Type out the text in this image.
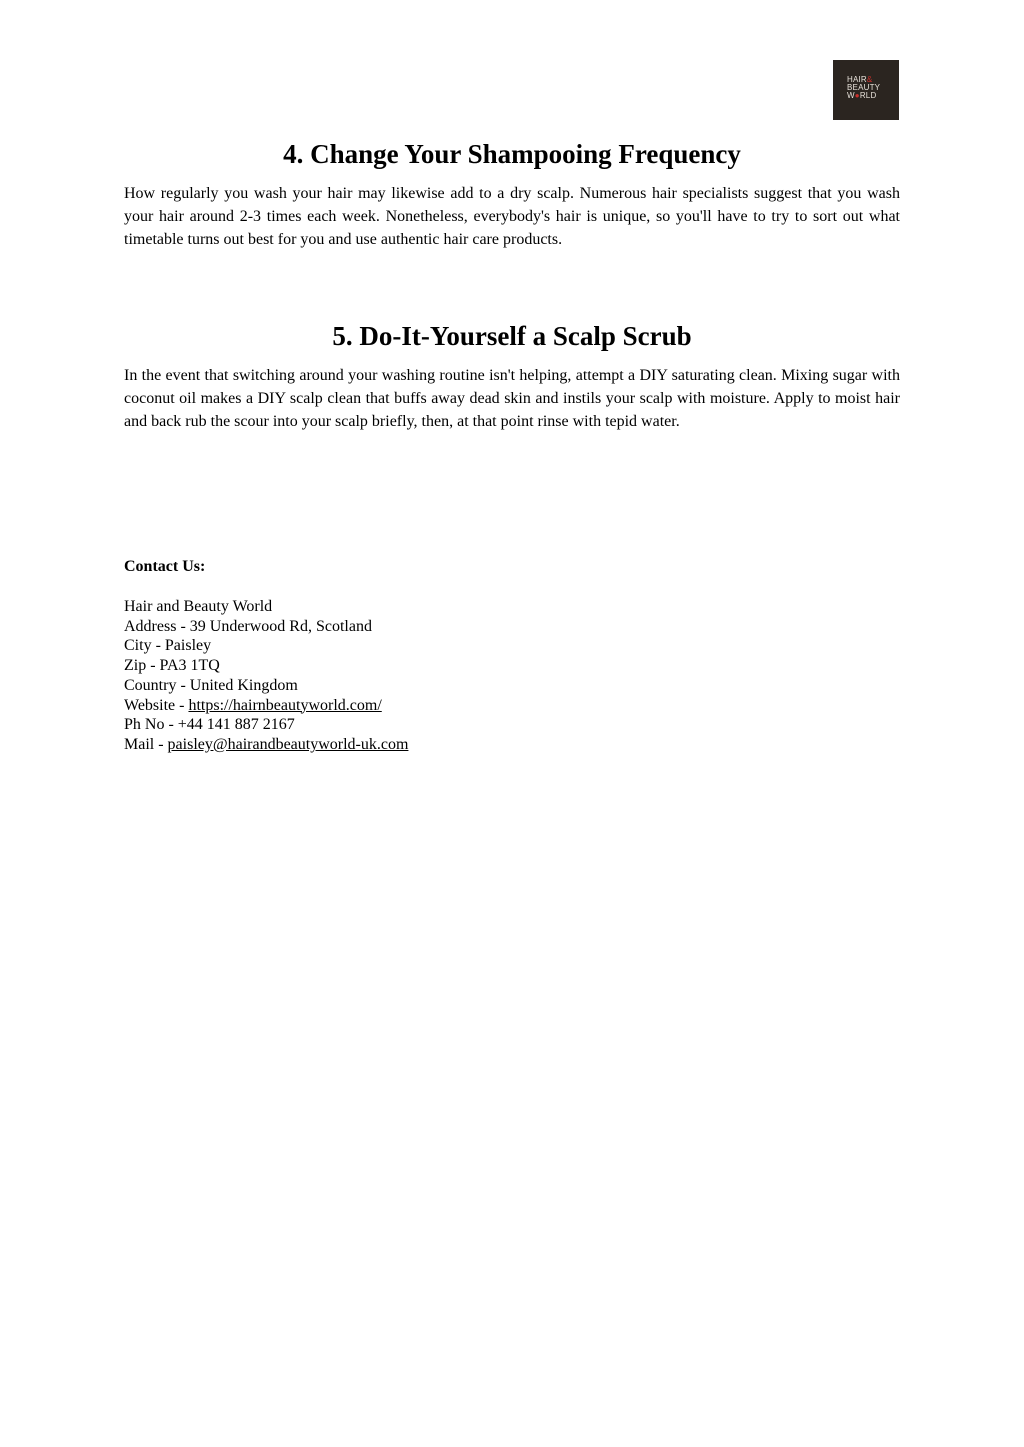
HAIR&
BEAUTY
W●RLD
4. Change Your Shampooing Frequency

How regularly you wash your hair may likewise add to a dry scalp. Numerous hair specialists suggest that you wash your hair around 2-3 times each week. Nonetheless, everybody's hair is unique, so you'll have to try to sort out what timetable turns out best for you and use authentic hair care products.

5. Do-It-Yourself a Scalp Scrub

In the event that switching around your washing routine isn't helping, attempt a DIY saturating clean. Mixing sugar with coconut oil makes a DIY scalp clean that buffs away dead skin and instils your scalp with moisture. Apply to moist hair and back rub the scour into your scalp briefly, then, at that point rinse with tepid water.

Contact Us:

Hair and Beauty World
Address - 39 Underwood Rd, Scotland
City - Paisley
Zip - PA3 1TQ
Country - United Kingdom
Website - https://hairnbeautyworld.com/
Ph No - +44 141 887 2167
Mail - paisley@hairandbeautyworld-uk.com
